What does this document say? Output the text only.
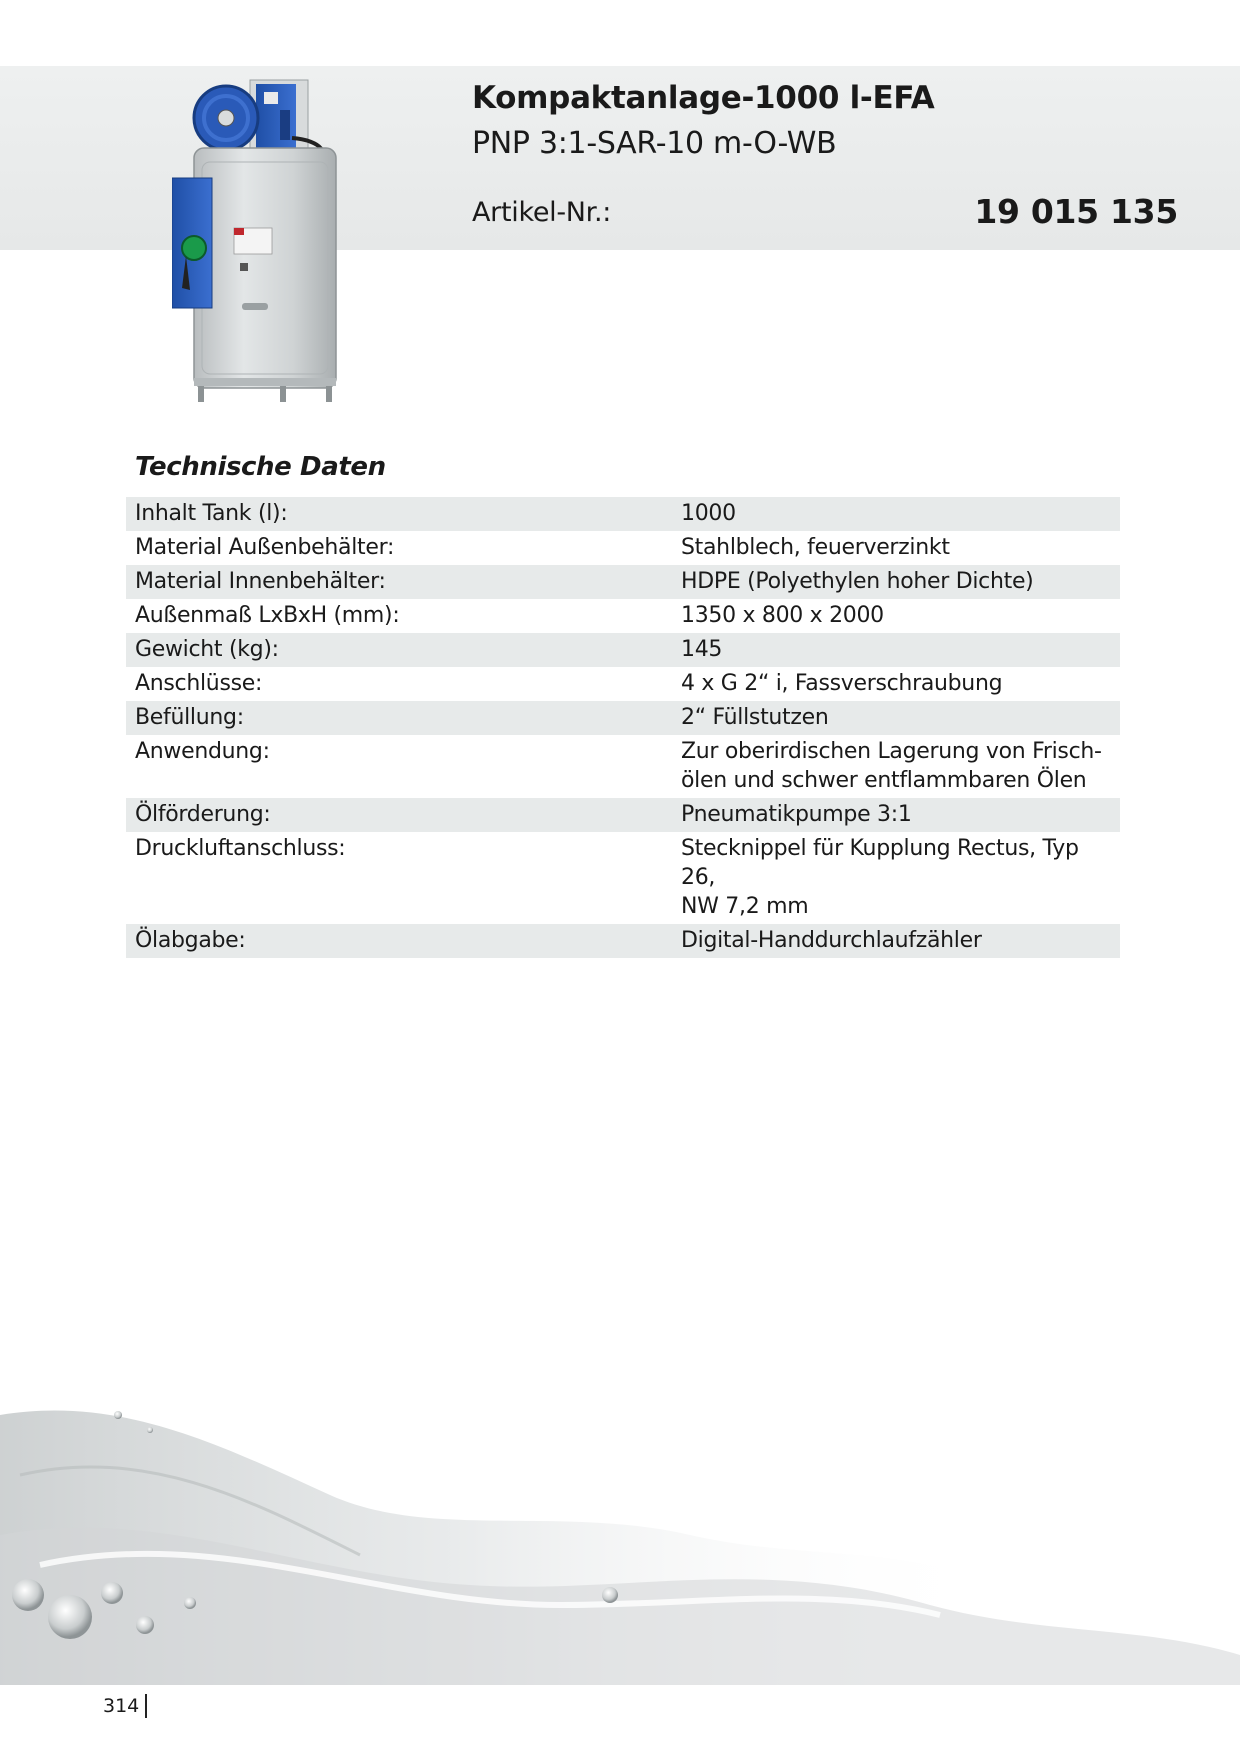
Kompaktanlage-1000 l-EFA
PNP 3:1-SAR-10 m-O-WB
Artikel-Nr.:	19 015 135
Technische Daten
Inhalt Tank (l):	1000
Material Außenbehälter:	Stahlblech, feuerverzinkt
Material Innenbehälter:	HDPE (Polyethylen hoher Dichte)
Außenmaß LxBxH (mm):	1350 x 800 x 2000
Gewicht (kg):	145
Anschlüsse:	4 x G 2“ i, Fassverschraubung
Befüllung:	2“ Füllstutzen
Anwendung:	Zur oberirdischen Lagerung von Frisch-
ölen und schwer entflammbaren Ölen
Ölförderung:	Pneumatikpumpe 3:1
Druckluftanschluss:	Stecknippel für Kupplung Rectus, Typ 26,
NW 7,2 mm
Ölabgabe:	Digital-Handdurchlaufzähler
314
